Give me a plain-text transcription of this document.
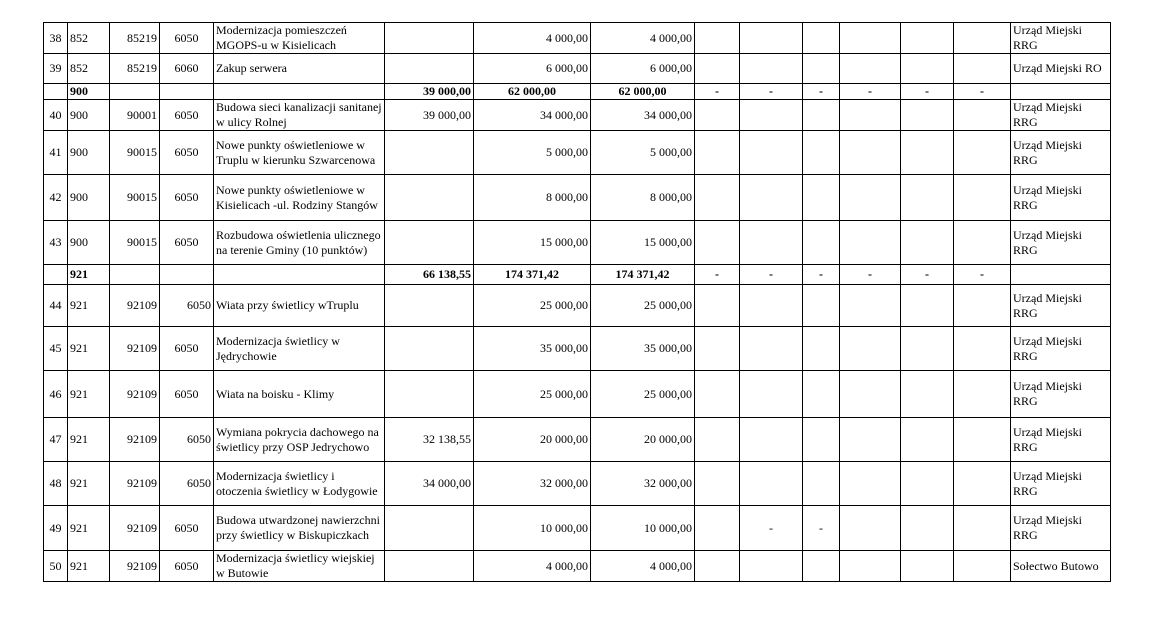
38	852	85219	6050	Modernizacja pomieszczeń MGOPS-u w Kisielicach		4 000,00	4 000,00							Urząd Miejski RRG
39	852	85219	6060	Zakup serwera		6 000,00	6 000,00							Urząd Miejski RO
	900				39 000,00	62 000,00	62 000,00	-	-	-	-	-	-	
40	900	90001	6050	Budowa sieci kanalizacji sanitanej w ulicy Rolnej	39 000,00	34 000,00	34 000,00							Urząd Miejski RRG
41	900	90015	6050	Nowe punkty oświetleniowe w Truplu w kierunku Szwarcenowa		5 000,00	5 000,00							Urząd Miejski RRG
42	900	90015	6050	Nowe punkty oświetleniowe w Kisielicach -ul. Rodziny Stangów		8 000,00	8 000,00							Urząd Miejski RRG
43	900	90015	6050	Rozbudowa oświetlenia ulicznego na terenie Gminy (10 punktów)		15 000,00	15 000,00							Urząd Miejski RRG
	921				66 138,55	174 371,42	174 371,42	-	-	-	-	-	-	
44	921	92109	6050	Wiata przy świetlicy wTruplu		25 000,00	25 000,00							Urząd Miejski RRG
45	921	92109	6050	Modernizacja świetlicy w Jędrychowie		35 000,00	35 000,00							Urząd Miejski RRG
46	921	92109	6050	Wiata na boisku - Klimy		25 000,00	25 000,00							Urząd Miejski RRG
47	921	92109	6050	Wymiana pokrycia dachowego na świetlicy przy OSP Jedrychowo	32 138,55	20 000,00	20 000,00							Urząd Miejski RRG
48	921	92109	6050	Modernizacja świetlicy i otoczenia świetlicy w Łodygowie	34 000,00	32 000,00	32 000,00							Urząd Miejski RRG
49	921	92109	6050	Budowa utwardzonej nawierzchni przy świetlicy w Biskupiczkach		10 000,00	10 000,00		-	-				Urząd Miejski RRG
50	921	92109	6050	Modernizacja świetlicy wiejskiej w Butowie		4 000,00	4 000,00							Sołectwo Butowo
